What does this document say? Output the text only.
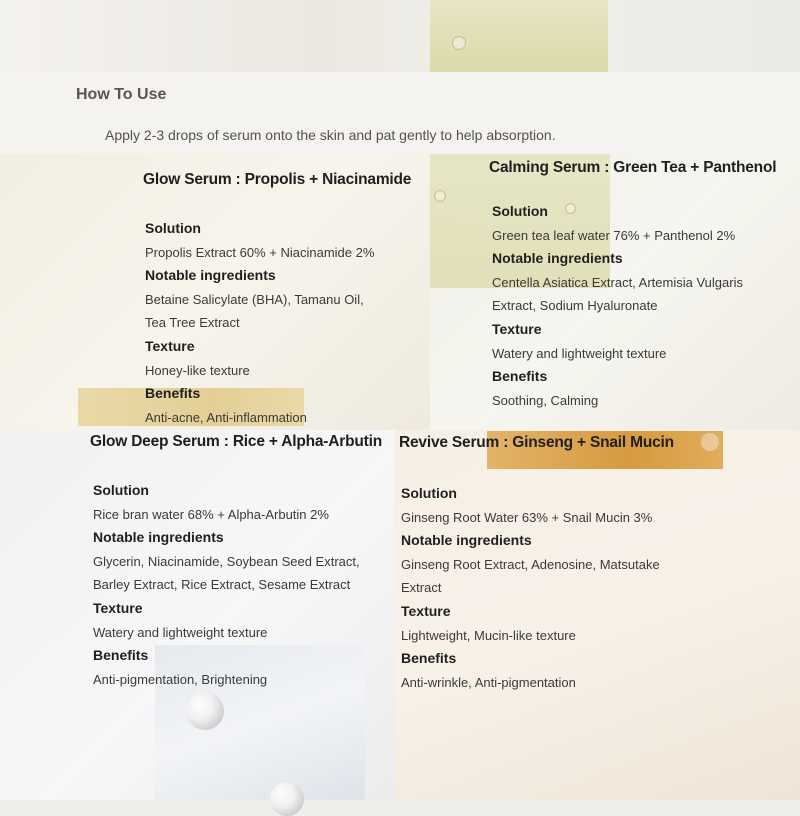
How To Use

Apply 2-3 drops of serum onto the skin and pat gently to help absorption.

Glow Serum : Propolis + Niacinamide
Solution
Propolis Extract 60% + Niacinamide 2%
Notable ingredients
Betaine Salicylate (BHA), Tamanu Oil,
Tea Tree Extract
Texture
Honey-like texture
Benefits
Anti-acne, Anti-inflammation
Calming Serum : Green Tea + Panthenol
Solution
Green tea leaf water 76% + Panthenol 2%
Notable ingredients
Centella Asiatica Extract, Artemisia Vulgaris
Extract, Sodium Hyaluronate
Texture
Watery and lightweight texture
Benefits
Soothing, Calming
Glow Deep Serum : Rice + Alpha-Arbutin
Solution
Rice bran water 68% + Alpha-Arbutin 2%
Notable ingredients
Glycerin, Niacinamide, Soybean Seed Extract,
Barley Extract, Rice Extract, Sesame Extract
Texture
Watery and lightweight texture
Benefits
Anti-pigmentation, Brightening
Revive Serum : Ginseng + Snail Mucin
Solution
Ginseng Root Water 63% + Snail Mucin 3%
Notable ingredients
Ginseng Root Extract, Adenosine, Matsutake
Extract
Texture
Lightweight, Mucin-like texture
Benefits
Anti-wrinkle, Anti-pigmentation
